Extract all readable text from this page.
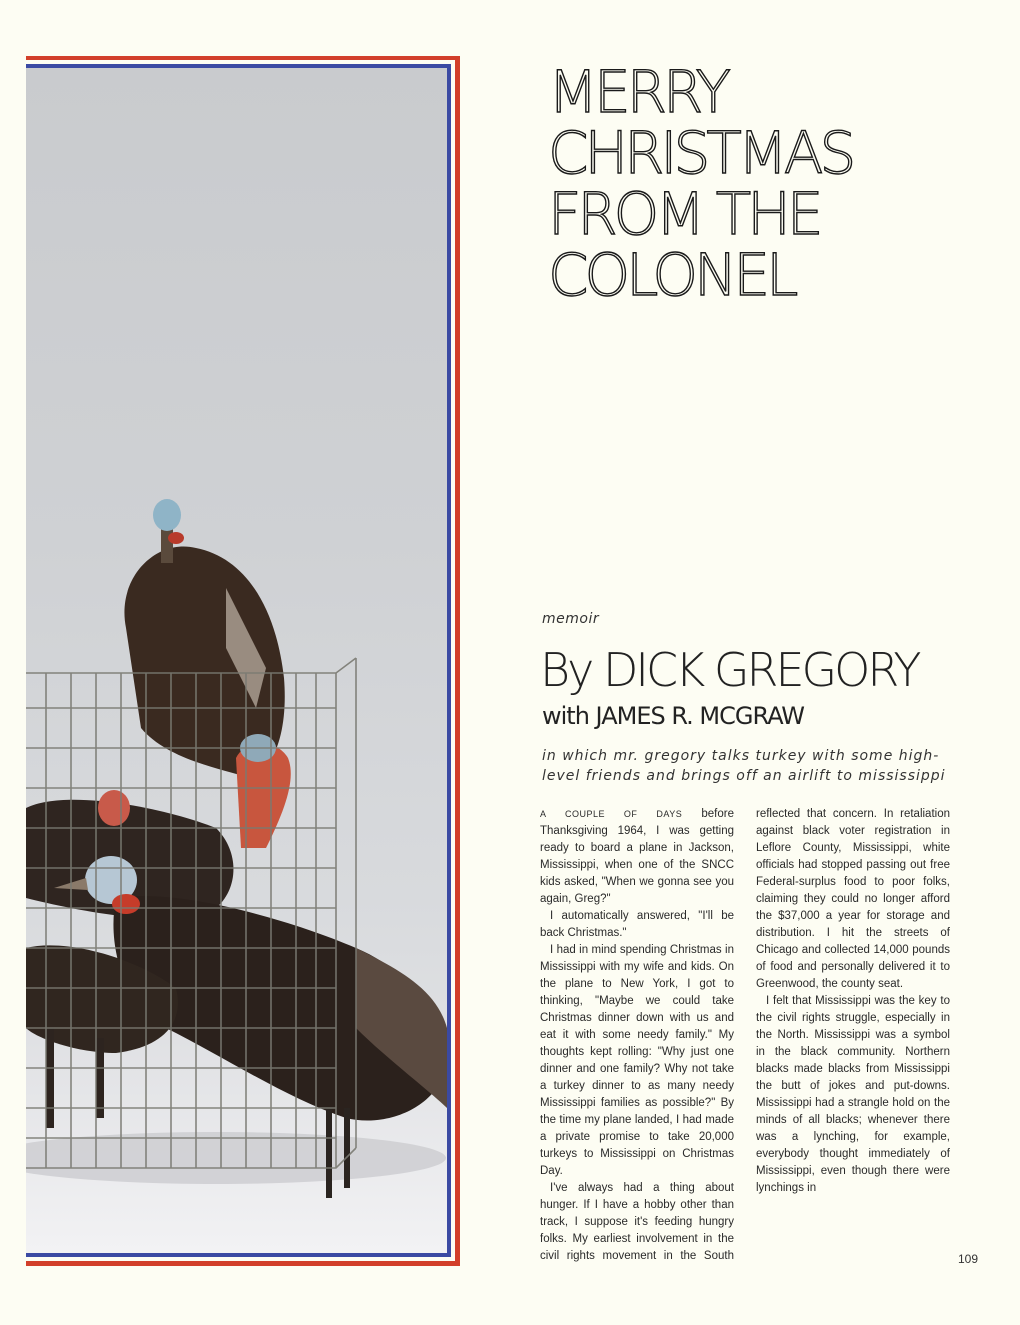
MERRY
CHRISTMAS
FROM THE
COLONEL
memoir
By DICK GREGORY
with JAMES R. MCGRAW

in which mr. gregory talks turkey with some high-level friends and brings off an airlift to mississippi

A COUPLE OF DAYS before Thanksgiving 1964, I was getting ready to board a plane in Jackson, Mississippi, when one of the SNCC kids asked, "When we gonna see you again, Greg?"

I automatically answered, "I'll be back Christmas."

I had in mind spending Christmas in Mississippi with my wife and kids. On the plane to New York, I got to thinking, "Maybe we could take Christmas dinner down with us and eat it with some needy family." My thoughts kept rolling: "Why just one dinner and one family? Why not take a turkey dinner to as many needy Mississippi families as possible?" By the time my plane landed, I had made a private promise to take 20,000 turkeys to Mississippi on Christmas Day.

I've always had a thing about hunger. If I have a hobby other than track, I suppose it's feeding hungry folks. My earliest involvement in the civil rights movement in the South reflected that concern. In retaliation against black voter registration in Leflore County, Mississippi, white officials had stopped passing out free Federal-surplus food to poor folks, claiming they could no longer afford the $37,000 a year for storage and distribution. I hit the streets of Chicago and collected 14,000 pounds of food and personally delivered it to Greenwood, the county seat.

I felt that Mississippi was the key to the civil rights struggle, especially in the North. Mississippi was a symbol in the black community. Northern blacks made blacks from Mississippi the butt of jokes and put-downs. Mississippi had a strangle hold on the minds of all blacks; whenever there was a lynching, for example, everybody thought immediately of Mississippi, even though there were lynchings in

109
